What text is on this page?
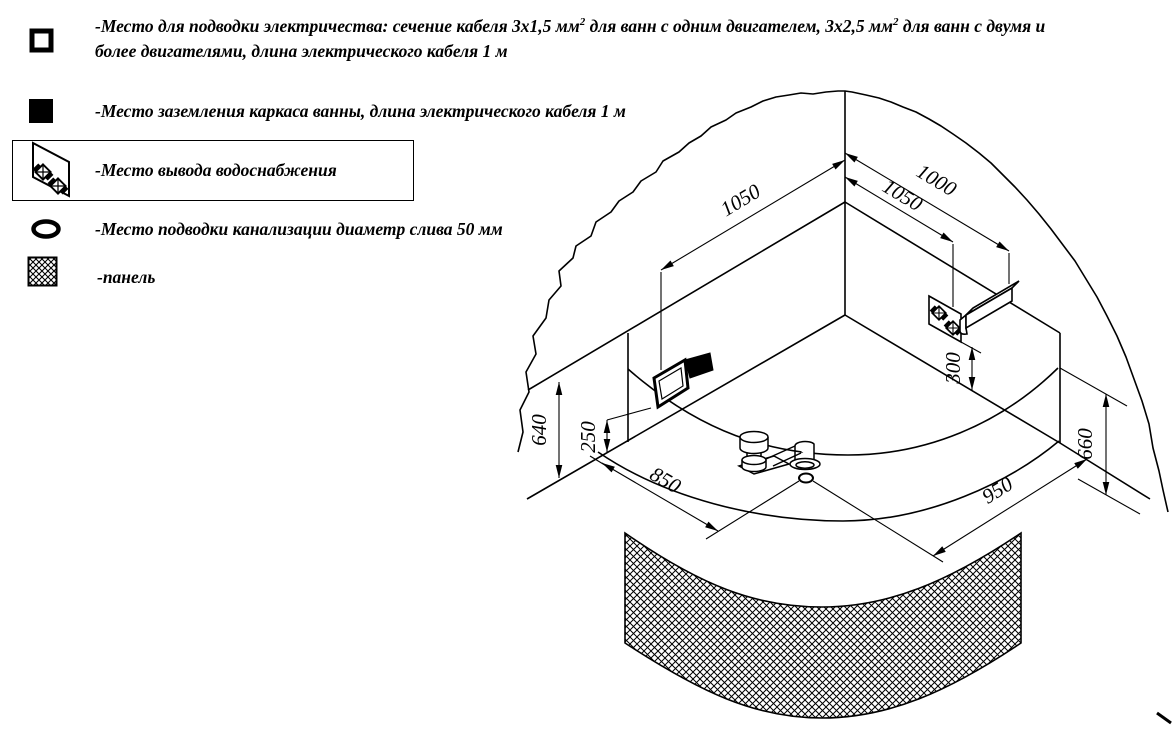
1050	1000
1050
300
640 250
850	950
660
-Место для подводки электричества: сечение кабеля 3х1,5 $мм^2$ для ванн с одним двигателем, 3х2,5 $мм^2$ для ванн с двумя и
более двигателями, длина электрического кабеля 1 м
-Место заземления каркаса ванны, длина электрического кабеля 1 м
-Место вывода водоснабжения
-Место подводки канализации диаметр слива 50 мм
-панель
